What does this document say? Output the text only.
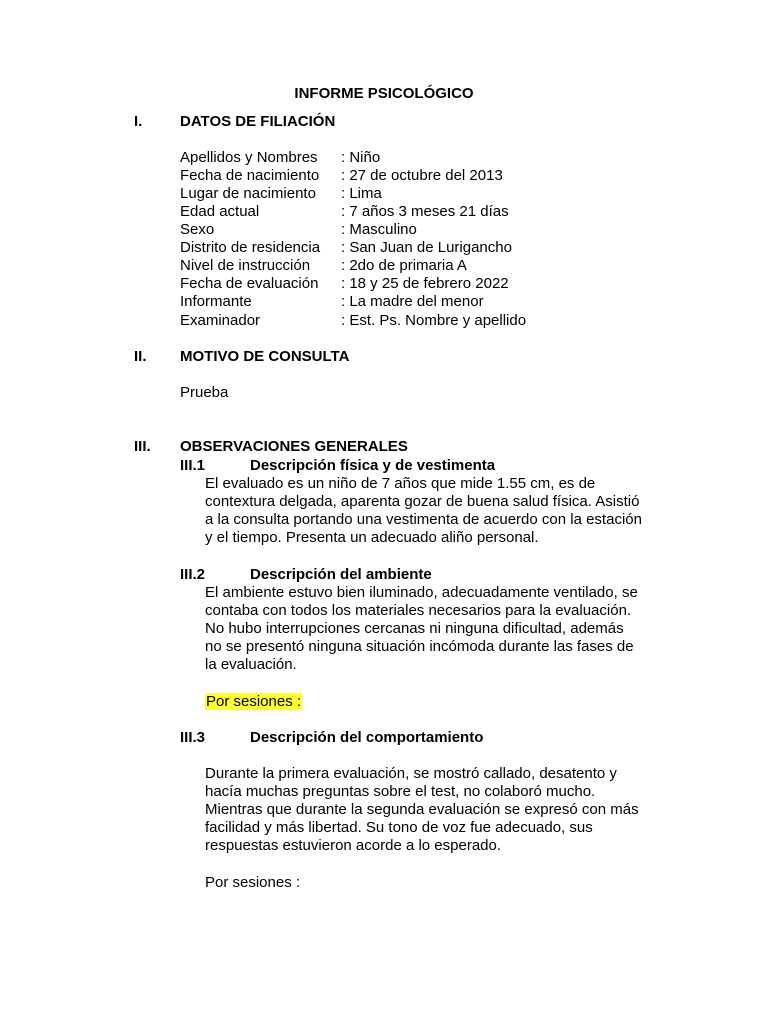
INFORME PSICOLÓGICO
I.	DATOS DE FILIACIÓN
Apellidos y Nombres : Niño
Fecha de nacimiento : 27 de octubre del 2013
Lugar de nacimiento : Lima
Edad actual	: 7 años 3 meses 21 días
Sexo	: Masculino
Distrito de residencia : San Juan de Lurigancho
Nivel de instrucción : 2do de primaria A
Fecha de evaluación : 18 y 25 de febrero 2022
Informante	: La madre del menor
Examinador	: Est. Ps. Nombre y apellido
II. MOTIVO DE CONSULTA
Prueba
III. OBSERVACIONES GENERALES
III.1	Descripción física y de vestimenta
El evaluado es un niño de 7 años que mide 1.55 cm, es de
contextura delgada, aparenta gozar de buena salud física. Asistió
a la consulta portando una vestimenta de acuerdo con la estación
y el tiempo. Presenta un adecuado aliño personal.
III.2	Descripción del ambiente
El ambiente estuvo bien iluminado, adecuadamente ventilado, se
contaba con todos los materiales necesarios para la evaluación.
No hubo interrupciones cercanas ni ninguna dificultad, además
no se presentó ninguna situación incómoda durante las fases de
la evaluación.
Por sesiones :
III.3	Descripción del comportamiento
Durante la primera evaluación, se mostró callado, desatento y
hacía muchas preguntas sobre el test, no colaboró mucho.
Mientras que durante la segunda evaluación se expresó con más
facilidad y más libertad. Su tono de voz fue adecuado, sus
respuestas estuvieron acorde a lo esperado.
Por sesiones :
